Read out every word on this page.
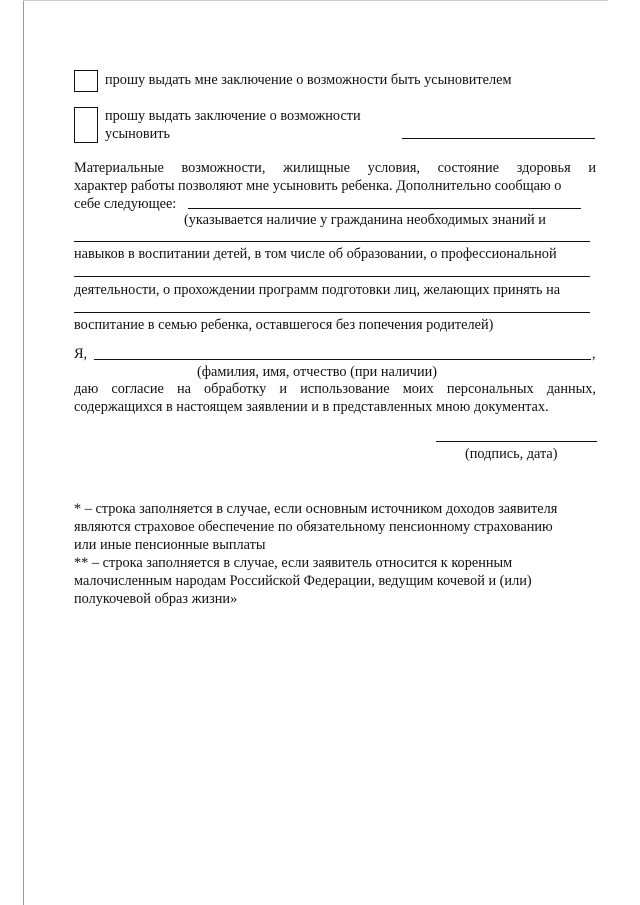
прошу выдать мне заключение о возможности быть усыновителем
прошу выдать заключение о возможности
усыновить
Материальные возможности, жилищные условия, состояние здоровья и
характер работы позволяют мне усыновить ребенка. Дополнительно сообщаю о
себе следующее:
(указывается наличие у гражданина необходимых знаний и
навыков в воспитании детей, в том числе об образовании, о профессиональной
деятельности, о прохождении программ подготовки лиц, желающих принять на
воспитание в семью ребенка, оставшегося без попечения родителей)
Я,	,
(фамилия, имя, отчество (при наличии)
даю согласие на обработку и использование моих персональных данных,
содержащихся в настоящем заявлении и в представленных мною документах.
(подпись, дата)
* – строка заполняется в случае, если основным источником доходов заявителя
являются страховое обеспечение по обязательному пенсионному страхованию
или иные пенсионные выплаты
** – строка заполняется в случае, если заявитель относится к коренным
малочисленным народам Российской Федерации, ведущим кочевой и (или)
полукочевой образ жизни»
